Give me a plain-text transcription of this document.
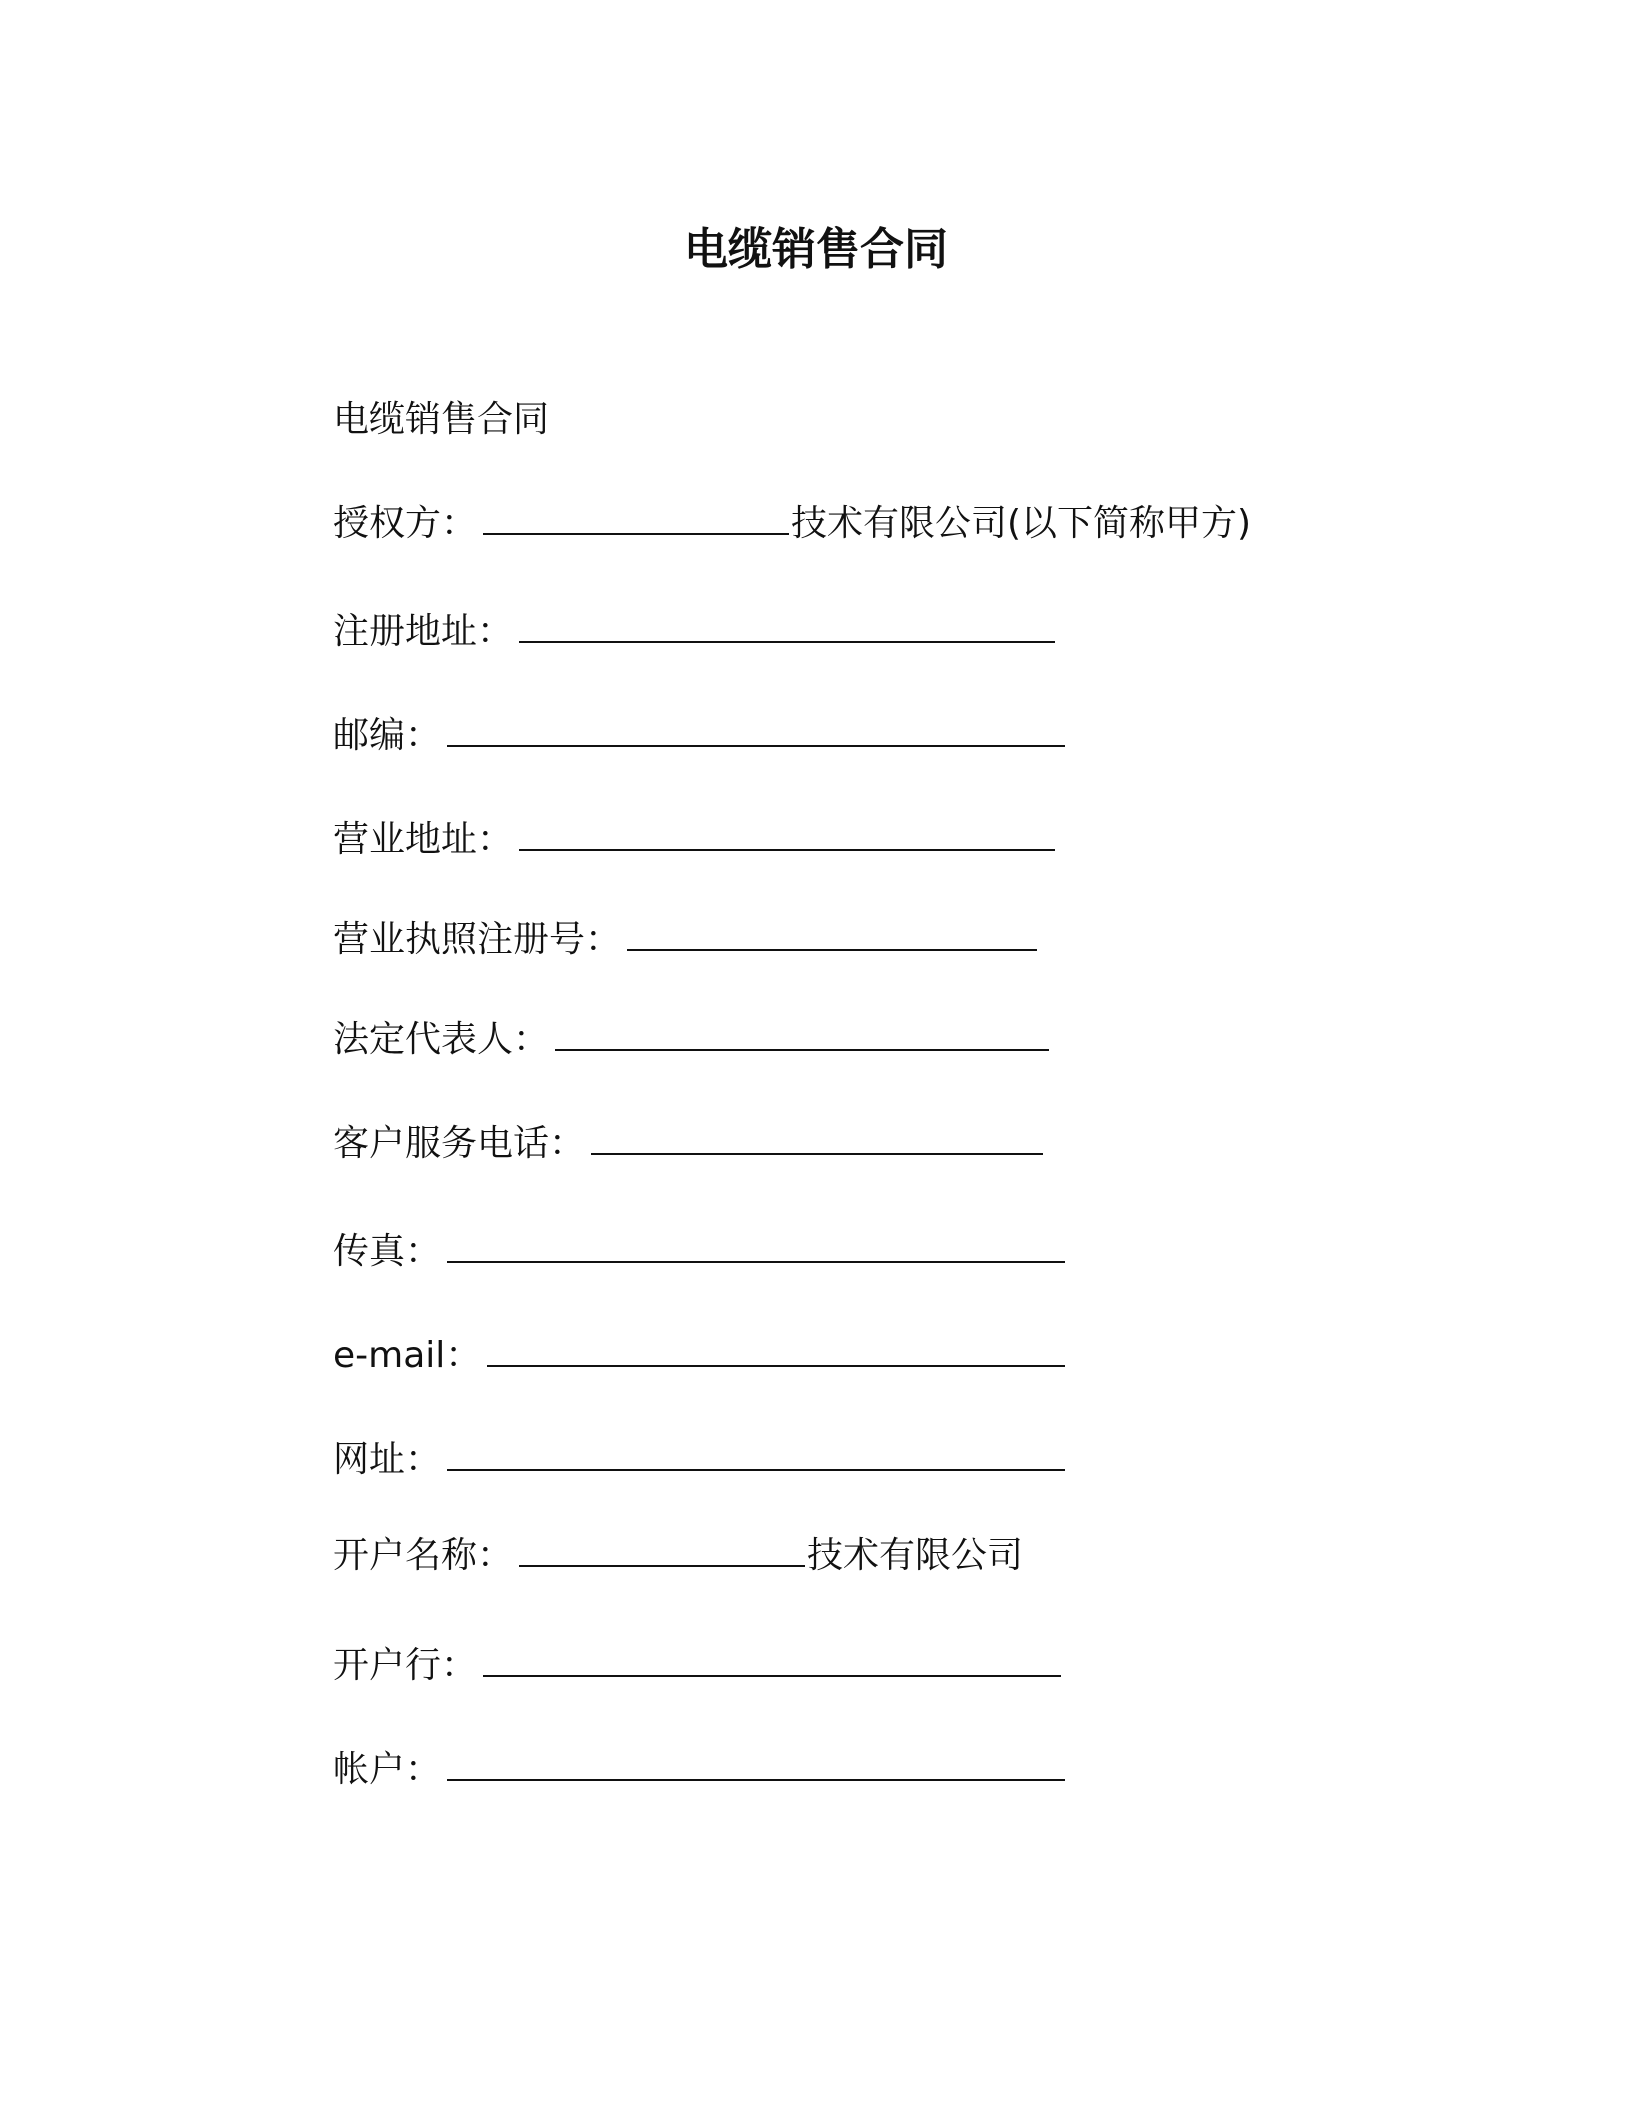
电缆销售合同

电缆销售合同

授权方：	技术有限公司(以下简称甲方)
注册地址：
邮编：
营业地址：
营业执照注册号：
法定代表人：
客户服务电话：
传真：
e-mail：
网址：
开户名称：	技术有限公司
开户行：
帐户：
